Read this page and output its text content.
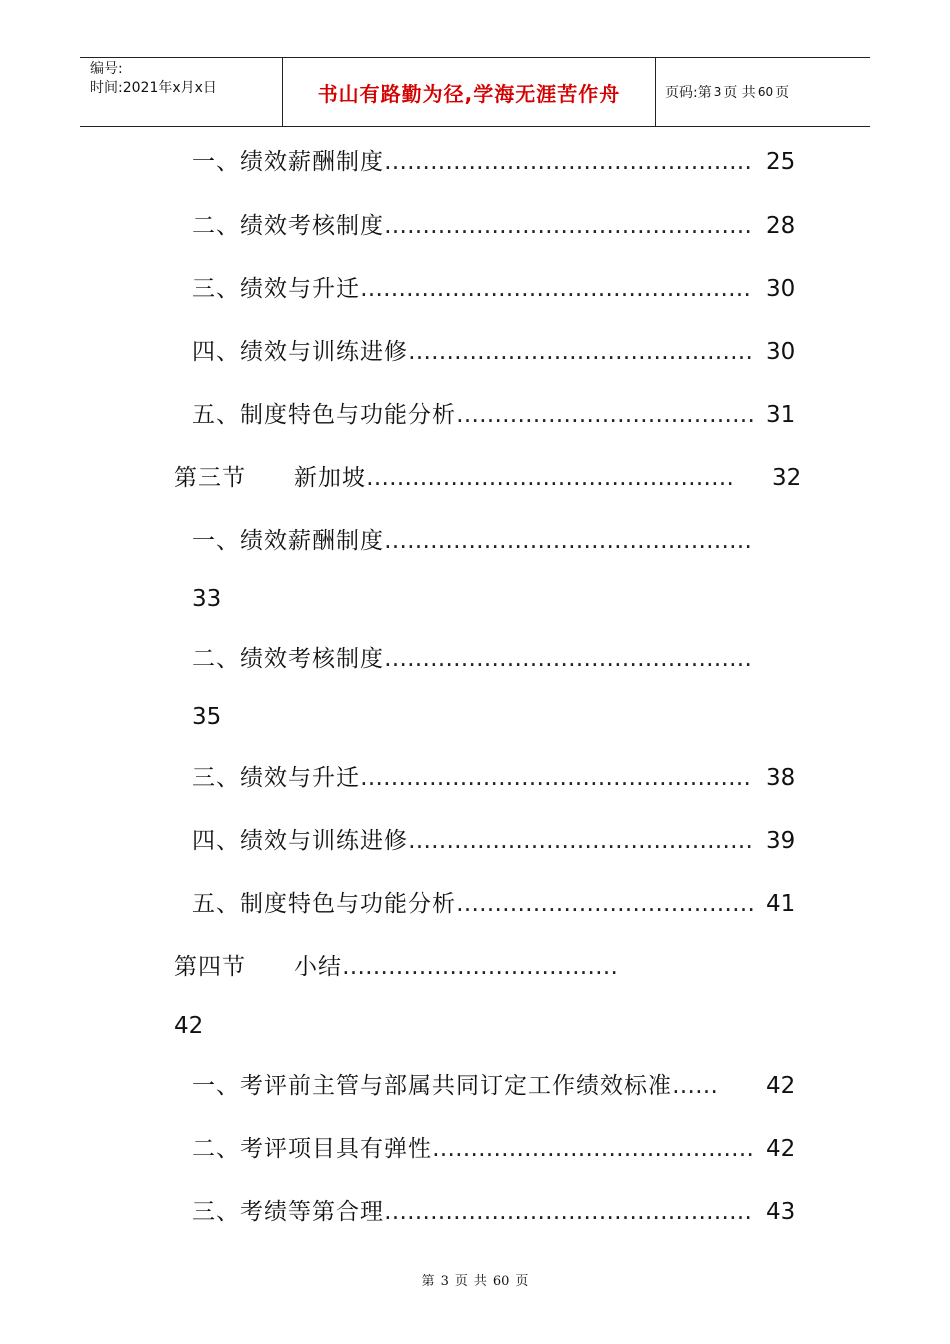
编号:
时间:2021年x月x日	书山有路勤为径,学海无涯苦作舟	页码:第 3 页 共 60 页
一、绩效薪酬制度………………………………………… 25
二、绩效考核制度………………………………………… 28
三、绩效与升迁…………………………………………… 30
四、绩效与训练进修……………………………………… 30
五、制度特色与功能分析………………………………… 31
第三节　　新加坡………………………………………… 32
一、绩效薪酬制度…………………………………………
33
二、绩效考核制度…………………………………………
35
三、绩效与升迁…………………………………………… 38
四、绩效与训练进修……………………………………… 39
五、制度特色与功能分析………………………………… 41
第四节　　小结………………………………
42
一、考评前主管与部属共同订定工作绩效标准…… 42
二、考评项目具有弹性…………………………………… 42
三、考绩等第合理………………………………………… 43
第 3 页 共 60 页
